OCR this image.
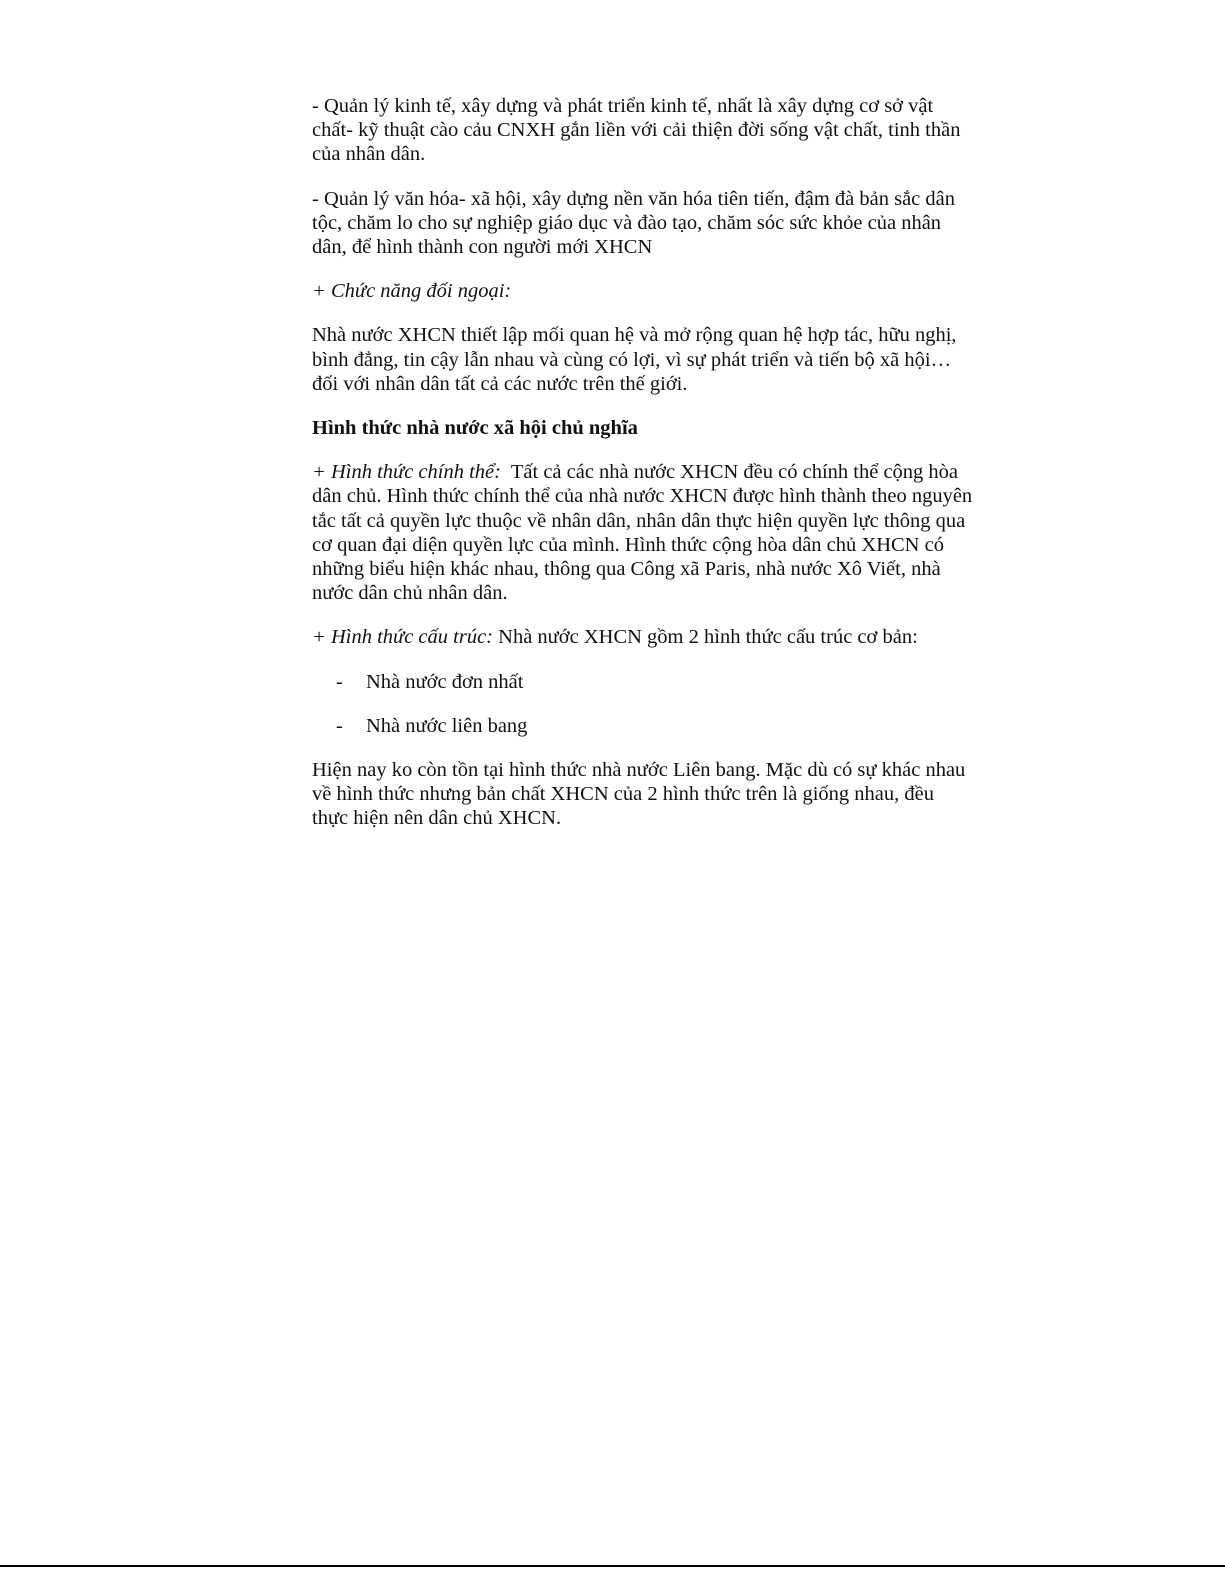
- Quản lý kinh tế, xây dựng và phát triển kinh tế, nhất là xây dựng cơ sở vật chất- kỹ thuật cào cảu CNXH gắn liền với cải thiện đời sống vật chất, tinh thần của nhân dân.

- Quản lý văn hóa- xã hội, xây dựng nền văn hóa tiên tiến, đậm đà bản sắc dân tộc, chăm lo cho sự nghiệp giáo dục và đào tạo, chăm sóc sức khỏe của nhân dân, để hình thành con người mới XHCN

+ Chức năng đối ngoại:

Nhà nước XHCN thiết lập mối quan hệ và mở rộng quan hệ hợp tác, hữu nghị, bình đẳng, tin cậy lẫn nhau và cùng có lợi, vì sự phát triển và tiến bộ xã hội… đối với nhân dân tất cả các nước trên thế giới.

Hình thức nhà nước xã hội chủ nghĩa

+ Hình thức chính thể: Tất cả các nhà nước XHCN đều có chính thể cộng hòa dân chủ. Hình thức chính thể của nhà nước XHCN được hình thành theo nguyên tắc tất cả quyền lực thuộc về nhân dân, nhân dân thực hiện quyền lực thông qua cơ quan đại diện quyền lực của mình. Hình thức cộng hòa dân chủ XHCN có những biểu hiện khác nhau, thông qua Công xã Paris, nhà nước Xô Viết, nhà nước dân chủ nhân dân.

+ Hình thức cấu trúc: Nhà nước XHCN gồm 2 hình thức cấu trúc cơ bản:

-	Nhà nước đơn nhất
-	Nhà nước liên bang

Hiện nay ko còn tồn tại hình thức nhà nước Liên bang. Mặc dù có sự khác nhau về hình thức nhưng bản chất XHCN của 2 hình thức trên là giống nhau, đều thực hiện nên dân chủ XHCN.
